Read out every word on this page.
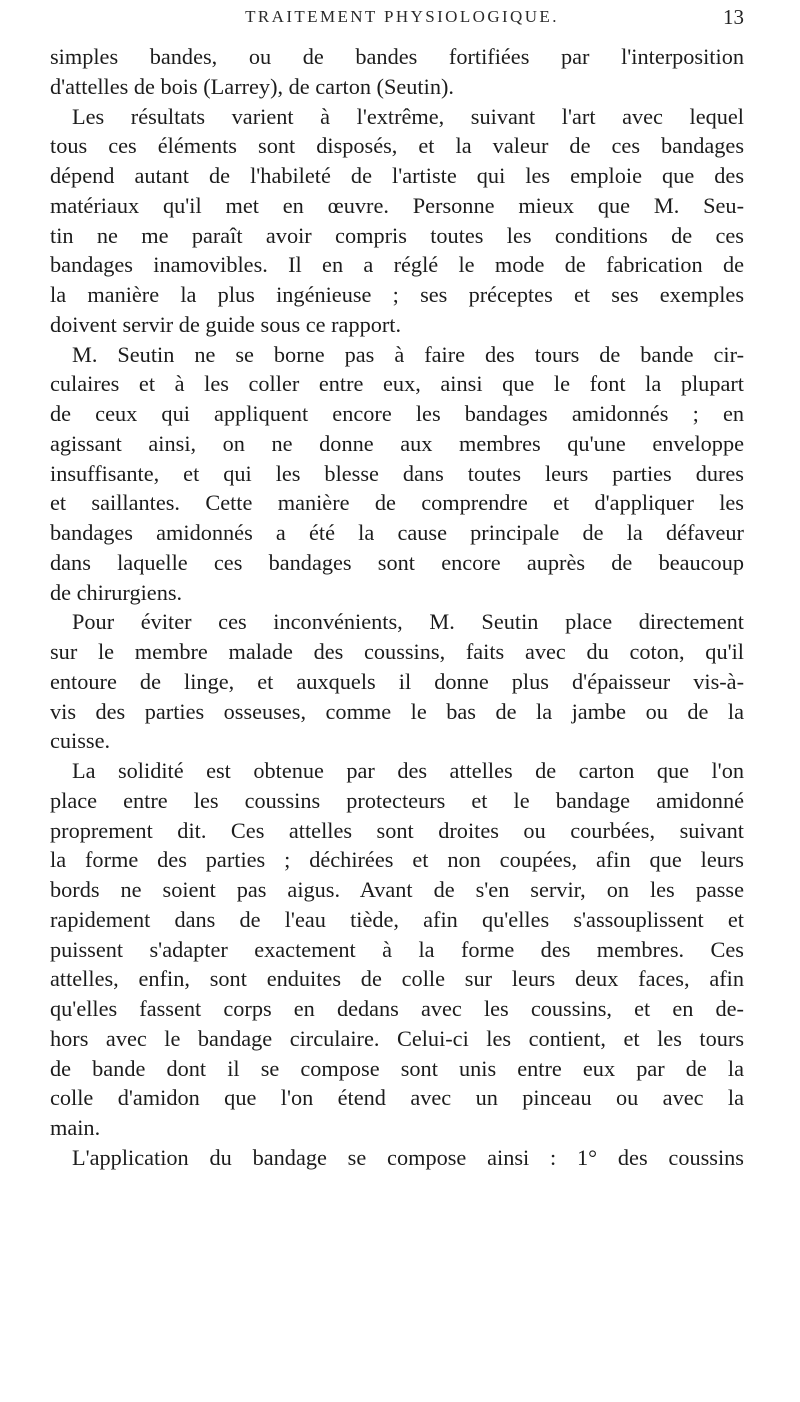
TRAITEMENT PHYSIOLOGIQUE.	13
simples bandes, ou de bandes fortifiées par l'interposition
d'attelles de bois (Larrey), de carton (Seutin).
Les résultats varient à l'extrême, suivant l'art avec lequel
tous ces éléments sont disposés, et la valeur de ces bandages
dépend autant de l'habileté de l'artiste qui les emploie que des
matériaux qu'il met en œuvre. Personne mieux que M. Seu-
tin ne me paraît avoir compris toutes les conditions de ces
bandages inamovibles. Il en a réglé le mode de fabrication de
la manière la plus ingénieuse ; ses préceptes et ses exemples
doivent servir de guide sous ce rapport.
M. Seutin ne se borne pas à faire des tours de bande cir-
culaires et à les coller entre eux, ainsi que le font la plupart
de ceux qui appliquent encore les bandages amidonnés ; en
agissant ainsi, on ne donne aux membres qu'une enveloppe
insuffisante, et qui les blesse dans toutes leurs parties dures
et saillantes. Cette manière de comprendre et d'appliquer les
bandages amidonnés a été la cause principale de la défaveur
dans laquelle ces bandages sont encore auprès de beaucoup
de chirurgiens.
Pour éviter ces inconvénients, M. Seutin place directement
sur le membre malade des coussins, faits avec du coton, qu'il
entoure de linge, et auxquels il donne plus d'épaisseur vis-à-
vis des parties osseuses, comme le bas de la jambe ou de la
cuisse.
La solidité est obtenue par des attelles de carton que l'on
place entre les coussins protecteurs et le bandage amidonné
proprement dit. Ces attelles sont droites ou courbées, suivant
la forme des parties ; déchirées et non coupées, afin que leurs
bords ne soient pas aigus. Avant de s'en servir, on les passe
rapidement dans de l'eau tiède, afin qu'elles s'assouplissent et
puissent s'adapter exactement à la forme des membres. Ces
attelles, enfin, sont enduites de colle sur leurs deux faces, afin
qu'elles fassent corps en dedans avec les coussins, et en de-
hors avec le bandage circulaire. Celui-ci les contient, et les tours
de bande dont il se compose sont unis entre eux par de la
colle d'amidon que l'on étend avec un pinceau ou avec la
main.
L'application du bandage se compose ainsi : 1° des coussins
